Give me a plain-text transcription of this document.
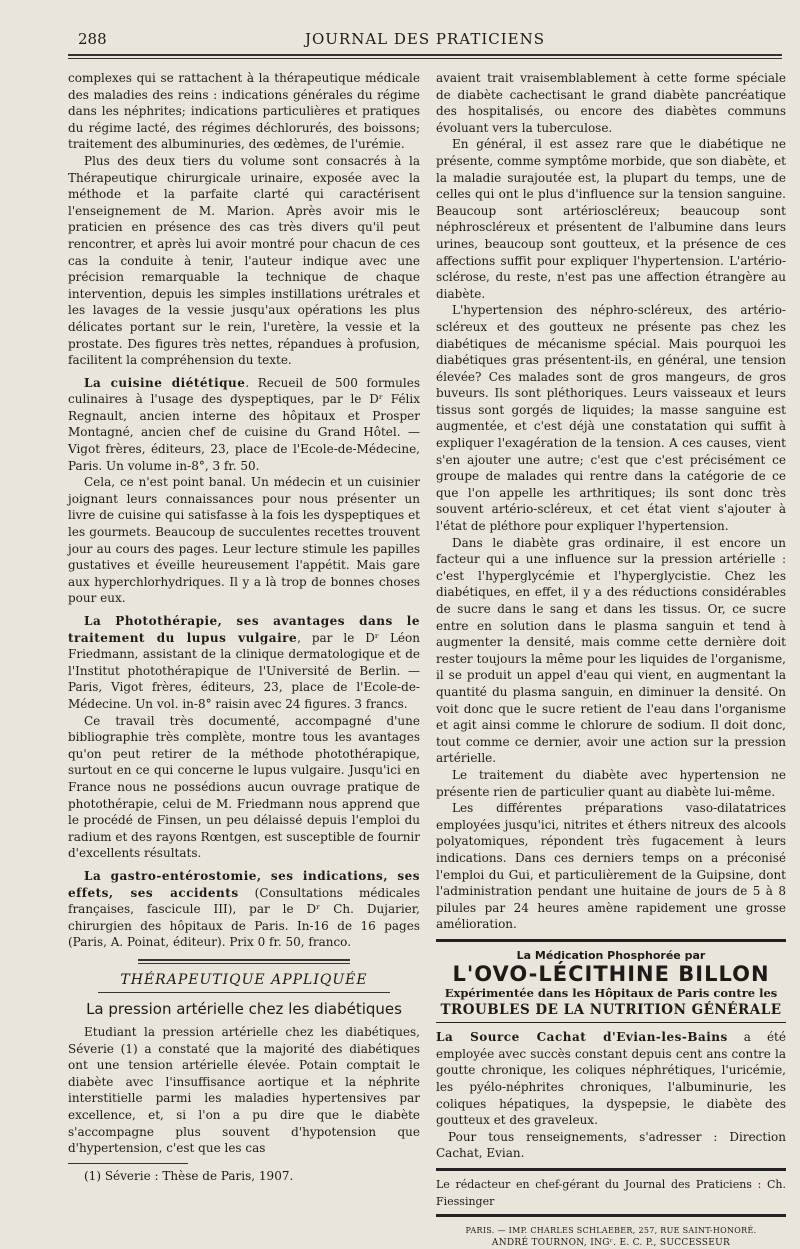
288	JOURNAL DES PRATICIENS

complexes qui se rattachent à la thérapeutique médicale des maladies des reins : indications générales du régime dans les néphrites; indications particulières et pratiques du régime lacté, des régimes déchlorurés, des boissons; traitement des albuminuries, des œdèmes, de l'urémie.

Plus des deux tiers du volume sont consacrés à la Thérapeutique chirurgicale urinaire, exposée avec la méthode et la parfaite clarté qui caractérisent l'enseignement de M. Marion. Après avoir mis le praticien en présence des cas très divers qu'il peut rencontrer, et après lui avoir montré pour chacun de ces cas la conduite à tenir, l'auteur indique avec une précision remarquable la technique de chaque intervention, depuis les simples instillations urétrales et les lavages de la vessie jusqu'aux opérations les plus délicates portant sur le rein, l'uretère, la vessie et la prostate. Des figures très nettes, répandues à profusion, facilitent la compréhension du texte.

La cuisine diététique. Recueil de 500 formules culinaires à l'usage des dyspeptiques, par le Dʳ Félix Regnault, ancien interne des hôpitaux et Prosper Montagné, ancien chef de cuisine du Grand Hôtel. — Vigot frères, éditeurs, 23, place de l'Ecole-de-Médecine, Paris. Un volume in-8°, 3 fr. 50.

Cela, ce n'est point banal. Un médecin et un cuisinier joignant leurs connaissances pour nous présenter un livre de cuisine qui satisfasse à la fois les dyspeptiques et les gourmets. Beaucoup de succulentes recettes trouvent jour au cours des pages. Leur lecture stimule les papilles gustatives et éveille heureusement l'appétit. Mais gare aux hyperchlorhydriques. Il y a là trop de bonnes choses pour eux.

La Photothérapie, ses avantages dans le traitement du lupus vulgaire, par le Dʳ Léon Friedmann, assistant de la clinique dermatologique et de l'Institut photothérapique de l'Université de Berlin. — Paris, Vigot frères, éditeurs, 23, place de l'Ecole-de-Médecine. Un vol. in-8° raisin avec 24 figures. 3 francs.

Ce travail très documenté, accompagné d'une bibliographie très complète, montre tous les avantages qu'on peut retirer de la méthode photothérapique, surtout en ce qui concerne le lupus vulgaire. Jusqu'ici en France nous ne possédions aucun ouvrage pratique de photothérapie, celui de M. Friedmann nous apprend que le procédé de Finsen, un peu délaissé depuis l'emploi du radium et des rayons Rœntgen, est susceptible de fournir d'excellents résultats.

La gastro-entérostomie, ses indications, ses effets, ses accidents (Consultations médicales françaises, fascicule III), par le Dʳ Ch. Dujarier, chirurgien des hôpitaux de Paris. In-16 de 16 pages (Paris, A. Poinat, éditeur). Prix 0 fr. 50, franco.

THÉRAPEUTIQUE APPLIQUÉE
La pression artérielle chez les diabétiques

Etudiant la pression artérielle chez les diabétiques, Séverie (1) a constaté que la majorité des diabétiques ont une tension artérielle élevée. Potain comptait le diabète avec l'insuffisance aortique et la néphrite interstitielle parmi les maladies hypertensives par excellence, et, si l'on a pu dire que le diabète s'accompagne plus souvent d'hypotension que d'hypertension, c'est que les cas

(1) Séverie : Thèse de Paris, 1907.

avaient trait vraisemblablement à cette forme spéciale de diabète cachectisant le grand diabète pancréatique des hospitalisés, ou encore des diabètes communs évoluant vers la tuberculose.

En général, il est assez rare que le diabétique ne présente, comme symptôme morbide, que son diabète, et la maladie surajoutée est, la plupart du temps, une de celles qui ont le plus d'influence sur la tension sanguine. Beaucoup sont artérioscléreux; beaucoup sont néphroscléreux et présentent de l'albumine dans leurs urines, beaucoup sont goutteux, et la présence de ces affections suffit pour expliquer l'hypertension. L'artério-sclérose, du reste, n'est pas une affection étrangère au diabète.

L'hypertension des néphro-scléreux, des artério-scléreux et des goutteux ne présente pas chez les diabétiques de mécanisme spécial. Mais pourquoi les diabétiques gras présentent-ils, en général, une tension élevée? Ces malades sont de gros mangeurs, de gros buveurs. Ils sont pléthoriques. Leurs vaisseaux et leurs tissus sont gorgés de liquides; la masse sanguine est augmentée, et c'est déjà une constatation qui suffit à expliquer l'exagération de la tension. A ces causes, vient s'en ajouter une autre; c'est que c'est précisément ce groupe de malades qui rentre dans la catégorie de ce que l'on appelle les arthritiques; ils sont donc très souvent artério-scléreux, et cet état vient s'ajouter à l'état de pléthore pour expliquer l'hypertension.

Dans le diabète gras ordinaire, il est encore un facteur qui a une influence sur la pression artérielle : c'est l'hyperglycémie et l'hyperglycistie. Chez les diabétiques, en effet, il y a des réductions considérables de sucre dans le sang et dans les tissus. Or, ce sucre entre en solution dans le plasma sanguin et tend à augmenter la densité, mais comme cette dernière doit rester toujours la même pour les liquides de l'organisme, il se produit un appel d'eau qui vient, en augmentant la quantité du plasma sanguin, en diminuer la densité. On voit donc que le sucre retient de l'eau dans l'organisme et agit ainsi comme le chlorure de sodium. Il doit donc, tout comme ce dernier, avoir une action sur la pression artérielle.

Le traitement du diabète avec hypertension ne présente rien de particulier quant au diabète lui-même.

Les différentes préparations vaso-dilatatrices employées jusqu'ici, nitrites et éthers nitreux des alcools polyatomiques, répondent très fugacement à leurs indications. Dans ces derniers temps on a préconisé l'emploi du Gui, et particulièrement de la Guipsine, dont l'administration pendant une huitaine de jours de 5 à 8 pilules par 24 heures amène rapidement une grosse amélioration.

La Médication Phosphorée par
L'OVO-LÉCITHINE BILLON
Expérimentée dans les Hôpitaux de Paris contre les
TROUBLES DE LA NUTRITION GÉNÉRALE

La Source Cachat d'Evian-les-Bains a été employée avec succès constant depuis cent ans contre la goutte chronique, les coliques néphrétiques, l'uricémie, les pyélo-néphrites chroniques, l'albuminurie, les coliques hépatiques, la dyspepsie, le diabète des goutteux et des graveleux.

Pour tous renseignements, s'adresser : Direction Cachat, Evian.

Le rédacteur en chef-gérant du Journal des Praticiens : Ch. Fiessinger
PARIS. — IMP. CHARLES SCHLAEBER, 257, RUE SAINT-HONORÉ.
ANDRÉ TOURNON, INGʳ. E. C. P., SUCCESSEUR
